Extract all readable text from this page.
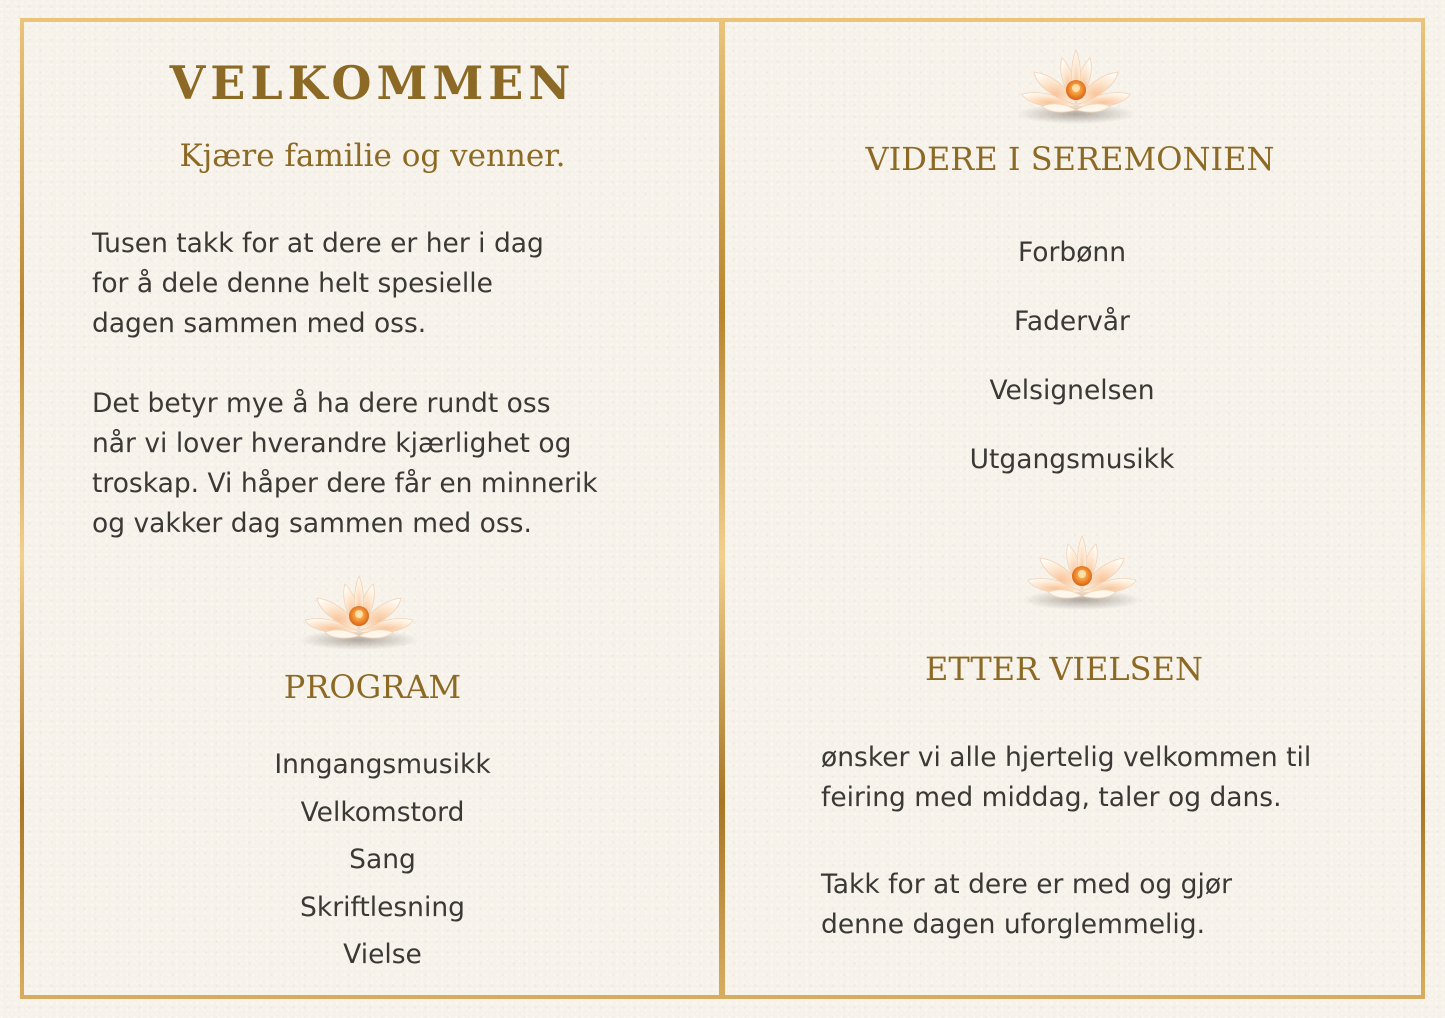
VELKOMMEN
Kjære familie og venner.

Tusen takk for at dere er her i dag
for å dele denne helt spesielle
dagen sammen med oss.

Det betyr mye å ha dere rundt oss
når vi lover hverandre kjærlighet og
troskap. Vi håper dere får en minnerik
og vakker dag sammen med oss.

PROGRAM
Inngangsmusikk
Velkomstord
Sang
Skriftlesning
Vielse
VIDERE I SEREMONIEN
Forbønn
Fadervår
Velsignelsen
Utgangsmusikk
ETTER VIELSEN

ønsker vi alle hjertelig velkommen til
feiring med middag, taler og dans.

Takk for at dere er med og gjør
denne dagen uforglemmelig.
